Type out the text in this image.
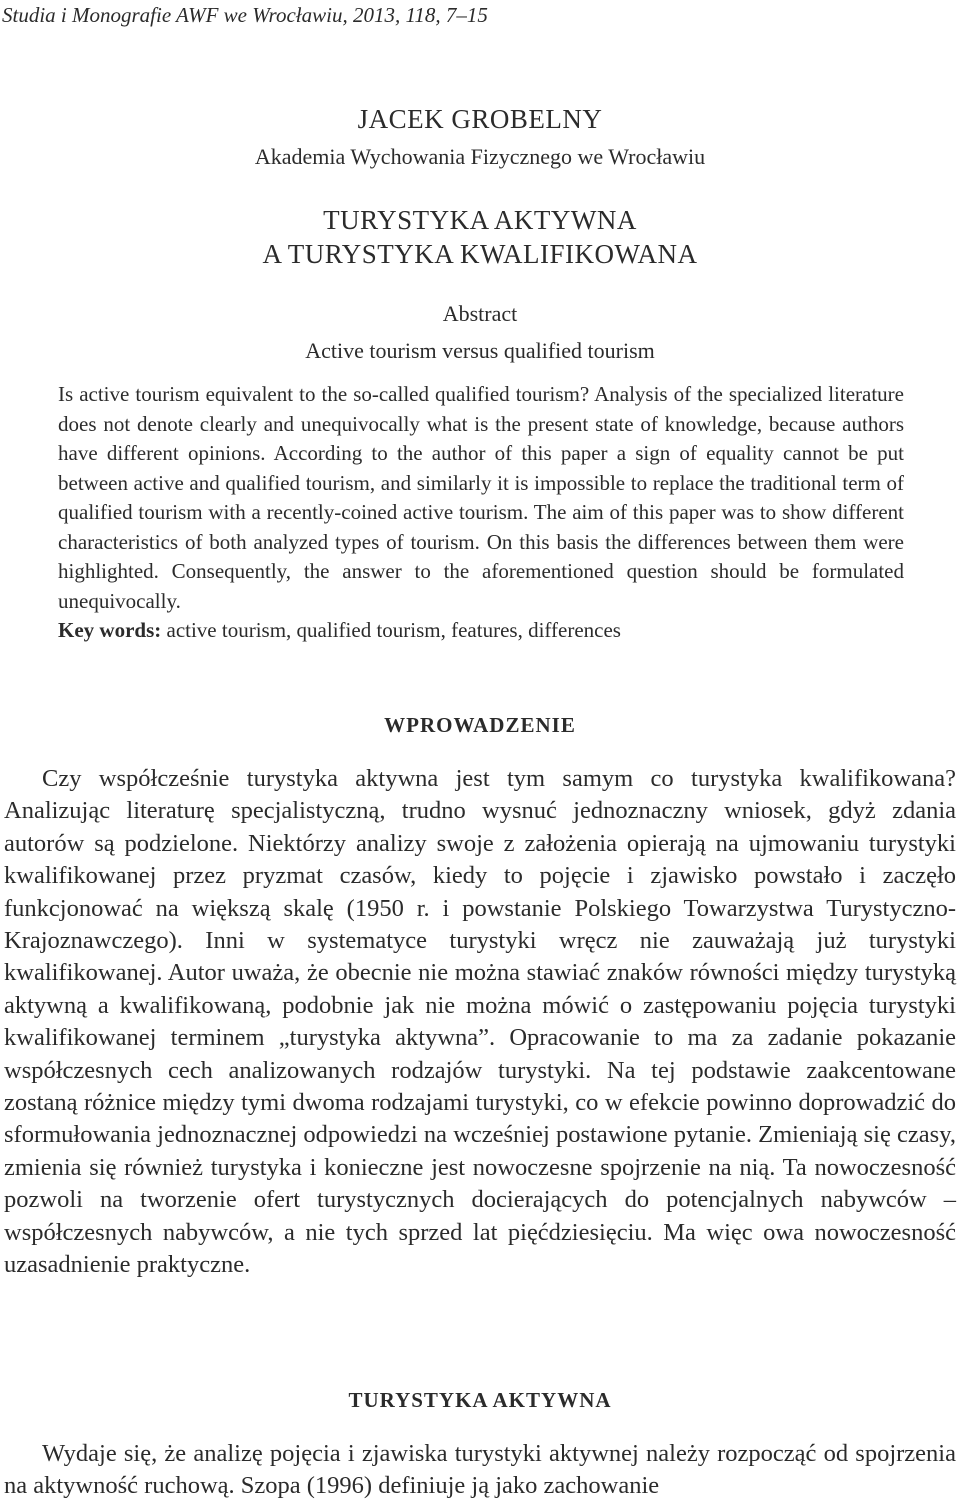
Studia i Monografie AWF we Wrocławiu, 2013, 118, 7–15
JACEK GROBELNY
Akademia Wychowania Fizycznego we Wrocławiu
TURYSTYKA AKTYWNA
A TURYSTYKA KWALIFIKOWANA
Abstract
Active tourism versus qualified tourism

Is active tourism equivalent to the so-called qualified tourism? Analysis of the specialized literature does not denote clearly and unequivocally what is the present state of knowledge, because authors have different opinions. According to the author of this paper a sign of equality cannot be put between active and qualified tourism, and similarly it is impossible to replace the traditional term of qualified tourism with a recently-coined active tourism. The aim of this paper was to show different characteristics of both analyzed types of tourism. On this basis the differences between them were highlighted. Consequently, the answer to the aforementioned question should be formulated unequivocally.

Key words: active tourism, qualified tourism, features, differences

WPROWADZENIE

Czy współcześnie turystyka aktywna jest tym samym co turystyka kwalifikowana? Analizując literaturę specjalistyczną, trudno wysnuć jednoznaczny wniosek, gdyż zdania autorów są podzielone. Niektórzy analizy swoje z założenia opierają na ujmowaniu turystyki kwalifikowanej przez pryzmat czasów, kiedy to pojęcie i zjawisko powstało i zaczęło funkcjonować na większą skalę (1950 r. i powstanie Polskiego Towarzystwa Turystyczno-Krajoznawczego). Inni w systematyce turystyki wręcz nie zauważają już turystyki kwalifikowanej. Autor uważa, że obecnie nie można stawiać znaków równości między turystyką aktywną a kwalifikowaną, podobnie jak nie można mówić o zastępowaniu pojęcia turystyki kwalifikowanej terminem „turystyka aktywna”. Opracowanie to ma za zadanie pokazanie współczesnych cech analizowanych rodzajów turystyki. Na tej podstawie zaakcentowane zostaną różnice między tymi dwoma rodzajami turystyki, co w efekcie powinno doprowadzić do sformułowania jednoznacznej odpowiedzi na wcześniej postawione pytanie. Zmieniają się czasy, zmienia się również turystyka i konieczne jest nowoczesne spojrzenie na nią. Ta nowoczesność pozwoli na tworzenie ofert turystycznych docierających do potencjalnych nabywców – współczesnych nabywców, a nie tych sprzed lat pięćdziesięciu. Ma więc owa nowoczesność uzasadnienie praktyczne.

TURYSTYKA AKTYWNA

Wydaje się, że analizę pojęcia i zjawiska turystyki aktywnej należy rozpocząć od spojrzenia na aktywność ruchową. Szopa (1996) definiuje ją jako zachowanie
